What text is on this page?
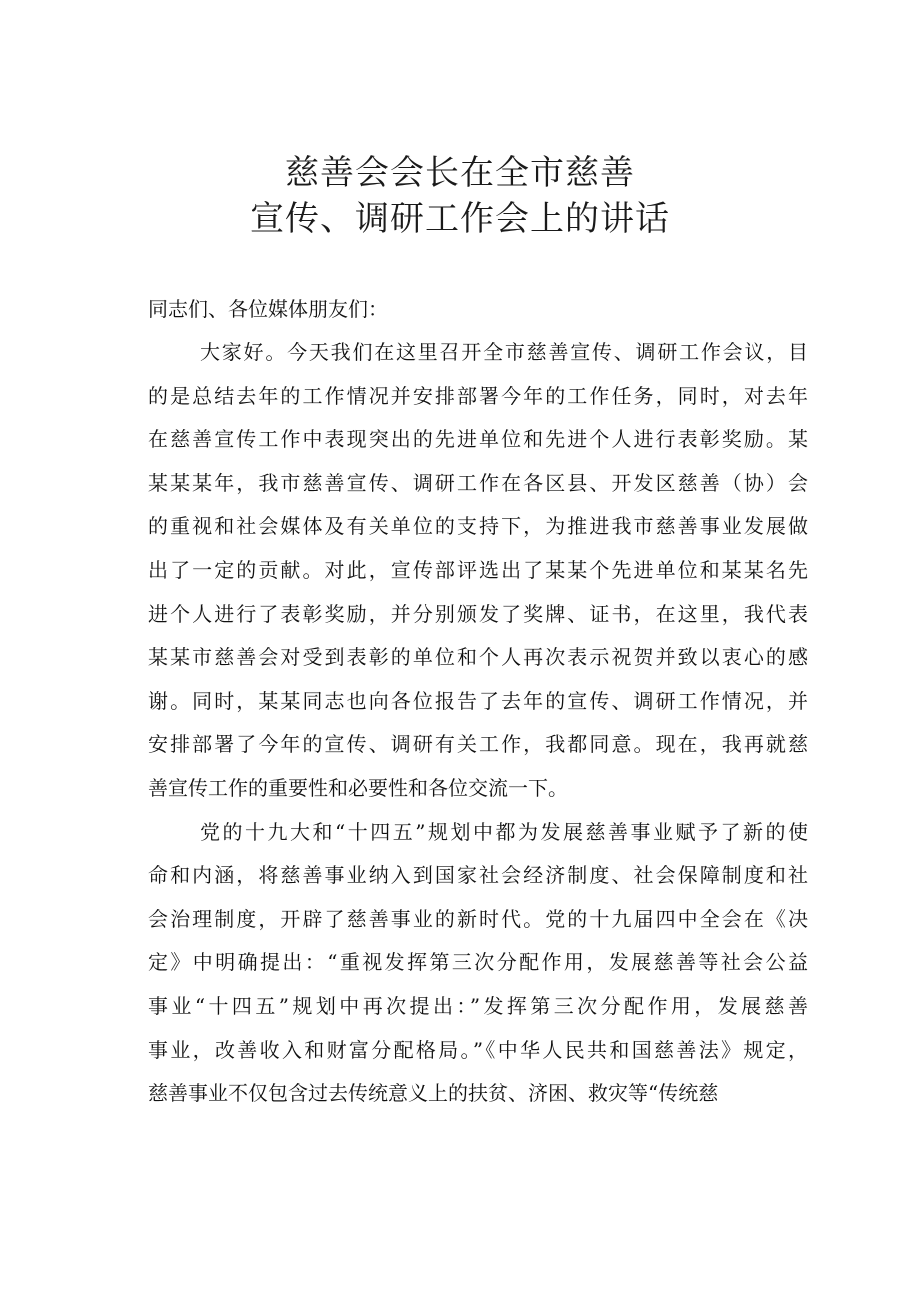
慈善会会长在全市慈善
宣传、调研工作会上的讲话
同志们、各位媒体朋友们：
大家好。今天我们在这里召开全市慈善宣传、调研工作会议，目
的是总结去年的工作情况并安排部署今年的工作任务，同时，对去年
在慈善宣传工作中表现突出的先进单位和先进个人进行表彰奖励。某
某某某年，我市慈善宣传、调研工作在各区县、开发区慈善（协）会
的重视和社会媒体及有关单位的支持下，为推进我市慈善事业发展做
出了一定的贡献。对此，宣传部评选出了某某个先进单位和某某名先
进个人进行了表彰奖励，并分别颁发了奖牌、证书，在这里，我代表
某某市慈善会对受到表彰的单位和个人再次表示祝贺并致以衷心的感
谢。同时，某某同志也向各位报告了去年的宣传、调研工作情况，并
安排部署了今年的宣传、调研有关工作，我都同意。现在，我再就慈
善宣传工作的重要性和必要性和各位交流一下。
党的十九大和“十四五”规划中都为发展慈善事业赋予了新的使
命和内涵，将慈善事业纳入到国家社会经济制度、社会保障制度和社
会治理制度，开辟了慈善事业的新时代。党的十九届四中全会在《决
定》中明确提出：“重视发挥第三次分配作用，发展慈善等社会公益
事业“十四五”规划中再次提出：”发挥第三次分配作用，发展慈善
事业，改善收入和财富分配格局。”《中华人民共和国慈善法》规定，
慈善事业不仅包含过去传统意义上的扶贫、济困、救灾等“传统慈
